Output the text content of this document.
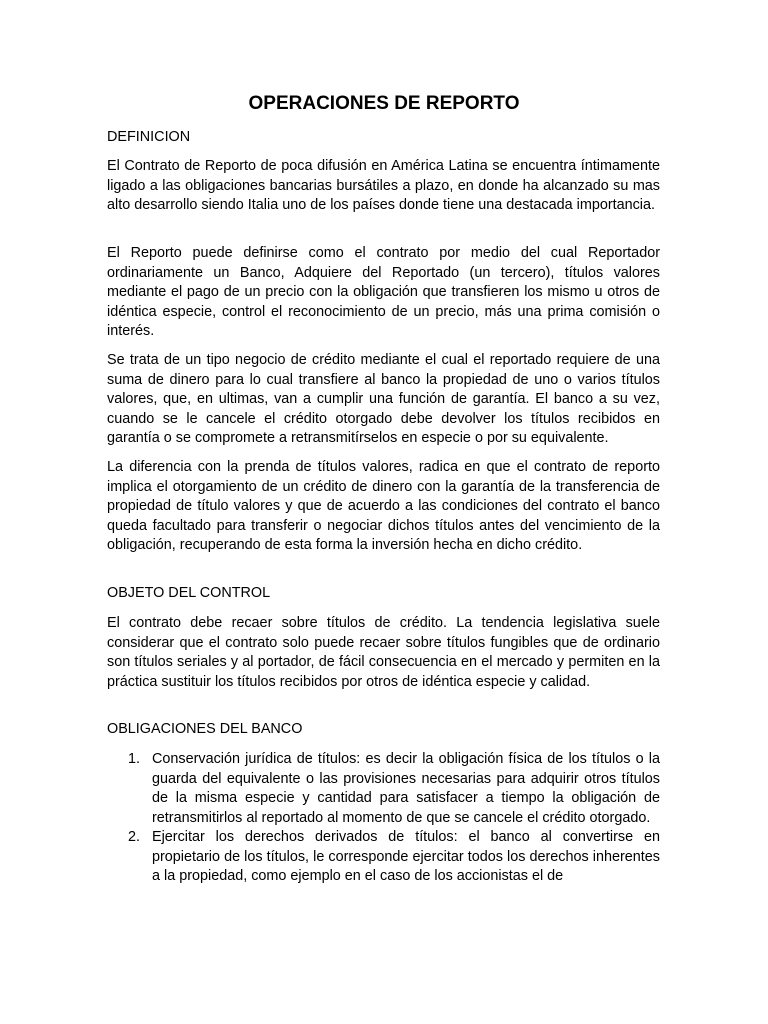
OPERACIONES DE REPORTO
DEFINICION
El Contrato de Reporto de poca difusión en América Latina se encuentra íntimamente ligado a las obligaciones bancarias bursátiles a plazo, en donde ha alcanzado su mas alto desarrollo siendo Italia uno de los países donde tiene una destacada importancia.
El Reporto puede definirse como el contrato por medio del cual Reportador ordinariamente un Banco, Adquiere del Reportado (un tercero), títulos valores mediante el pago de un precio con la obligación que transfieren los mismo u otros de idéntica especie, control el reconocimiento de un precio, más una prima comisión o interés.
Se trata de un tipo negocio de crédito mediante el cual el reportado requiere de una suma de dinero para lo cual transfiere al banco la propiedad de uno o varios títulos valores, que, en ultimas, van a cumplir una función de garantía. El banco a su vez, cuando se le cancele el crédito otorgado debe devolver los títulos recibidos en garantía o se compromete a retransmitírselos en especie o por su equivalente.
La diferencia con la prenda de títulos valores, radica en que el contrato de reporto implica el otorgamiento de un crédito de dinero con la garantía de la transferencia de propiedad de título valores y que de acuerdo a las condiciones del contrato el banco queda facultado para transferir o negociar dichos títulos antes del vencimiento de la obligación, recuperando de esta forma la inversión hecha en dicho crédito.
OBJETO DEL CONTROL
El contrato debe recaer sobre títulos de crédito. La tendencia legislativa suele considerar que el contrato solo puede recaer sobre títulos fungibles que de ordinario son títulos seriales y al portador, de fácil consecuencia en el mercado y permiten en la práctica sustituir los títulos recibidos por otros de idéntica especie y calidad.
OBLIGACIONES DEL BANCO
1. Conservación jurídica de títulos: es decir la obligación física de los títulos o la guarda del equivalente o las provisiones necesarias para adquirir otros títulos de la misma especie y cantidad para satisfacer a tiempo la obligación de retransmitirlos al reportado al momento de que se cancele el crédito otorgado.
2. Ejercitar los derechos derivados de títulos: el banco al convertirse en propietario de los títulos, le corresponde ejercitar todos los derechos inherentes a la propiedad, como ejemplo en el caso de los accionistas el de
